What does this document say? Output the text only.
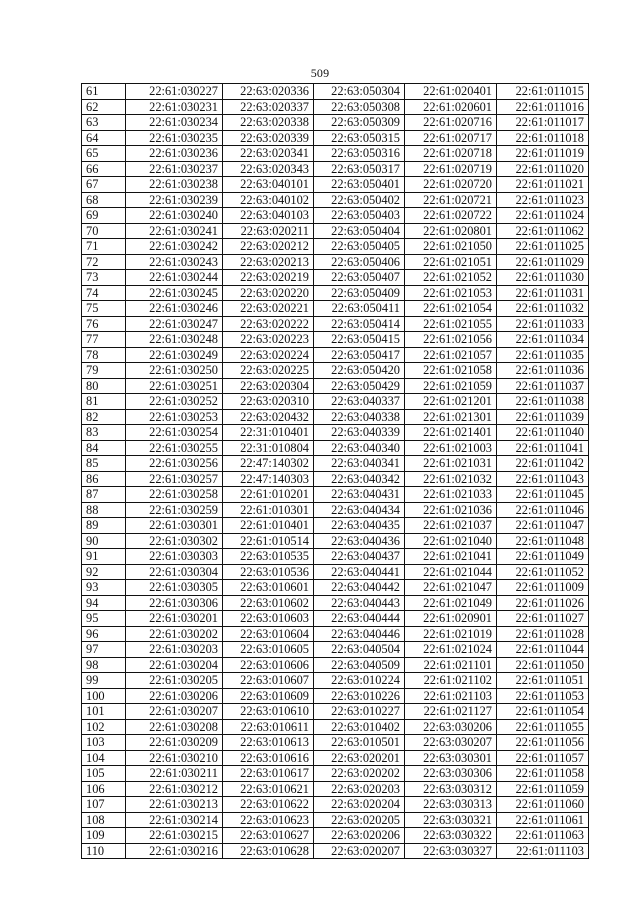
509
61	22:61:030227	22:63:020336	22:63:050304	22:61:020401	22:61:011015
62	22:61:030231	22:63:020337	22:63:050308	22:61:020601	22:61:011016
63	22:61:030234	22:63:020338	22:63:050309	22:61:020716	22:61:011017
64	22:61:030235	22:63:020339	22:63:050315	22:61:020717	22:61:011018
65	22:61:030236	22:63:020341	22:63:050316	22:61:020718	22:61:011019
66	22:61:030237	22:63:020343	22:63:050317	22:61:020719	22:61:011020
67	22:61:030238	22:63:040101	22:63:050401	22:61:020720	22:61:011021
68	22:61:030239	22:63:040102	22:63:050402	22:61:020721	22:61:011023
69	22:61:030240	22:63:040103	22:63:050403	22:61:020722	22:61:011024
70	22:61:030241	22:63:020211	22:63:050404	22:61:020801	22:61:011062
71	22:61:030242	22:63:020212	22:63:050405	22:61:021050	22:61:011025
72	22:61:030243	22:63:020213	22:63:050406	22:61:021051	22:61:011029
73	22:61:030244	22:63:020219	22:63:050407	22:61:021052	22:61:011030
74	22:61:030245	22:63:020220	22:63:050409	22:61:021053	22:61:011031
75	22:61:030246	22:63:020221	22:63:050411	22:61:021054	22:61:011032
76	22:61:030247	22:63:020222	22:63:050414	22:61:021055	22:61:011033
77	22:61:030248	22:63:020223	22:63:050415	22:61:021056	22:61:011034
78	22:61:030249	22:63:020224	22:63:050417	22:61:021057	22:61:011035
79	22:61:030250	22:63:020225	22:63:050420	22:61:021058	22:61:011036
80	22:61:030251	22:63:020304	22:63:050429	22:61:021059	22:61:011037
81	22:61:030252	22:63:020310	22:63:040337	22:61:021201	22:61:011038
82	22:61:030253	22:63:020432	22:63:040338	22:61:021301	22:61:011039
83	22:61:030254	22:31:010401	22:63:040339	22:61:021401	22:61:011040
84	22:61:030255	22:31:010804	22:63:040340	22:61:021003	22:61:011041
85	22:61:030256	22:47:140302	22:63:040341	22:61:021031	22:61:011042
86	22:61:030257	22:47:140303	22:63:040342	22:61:021032	22:61:011043
87	22:61:030258	22:61:010201	22:63:040431	22:61:021033	22:61:011045
88	22:61:030259	22:61:010301	22:63:040434	22:61:021036	22:61:011046
89	22:61:030301	22:61:010401	22:63:040435	22:61:021037	22:61:011047
90	22:61:030302	22:61:010514	22:63:040436	22:61:021040	22:61:011048
91	22:61:030303	22:63:010535	22:63:040437	22:61:021041	22:61:011049
92	22:61:030304	22:63:010536	22:63:040441	22:61:021044	22:61:011052
93	22:61:030305	22:63:010601	22:63:040442	22:61:021047	22:61:011009
94	22:61:030306	22:63:010602	22:63:040443	22:61:021049	22:61:011026
95	22:61:030201	22:63:010603	22:63:040444	22:61:020901	22:61:011027
96	22:61:030202	22:63:010604	22:63:040446	22:61:021019	22:61:011028
97	22:61:030203	22:63:010605	22:63:040504	22:61:021024	22:61:011044
98	22:61:030204	22:63:010606	22:63:040509	22:61:021101	22:61:011050
99	22:61:030205	22:63:010607	22:63:010224	22:61:021102	22:61:011051
100	22:61:030206	22:63:010609	22:63:010226	22:61:021103	22:61:011053
101	22:61:030207	22:63:010610	22:63:010227	22:61:021127	22:61:011054
102	22:61:030208	22:63:010611	22:63:010402	22:63:030206	22:61:011055
103	22:61:030209	22:63:010613	22:63:010501	22:63:030207	22:61:011056
104	22:61:030210	22:63:010616	22:63:020201	22:63:030301	22:61:011057
105	22:61:030211	22:63:010617	22:63:020202	22:63:030306	22:61:011058
106	22:61:030212	22:63:010621	22:63:020203	22:63:030312	22:61:011059
107	22:61:030213	22:63:010622	22:63:020204	22:63:030313	22:61:011060
108	22:61:030214	22:63:010623	22:63:020205	22:63:030321	22:61:011061
109	22:61:030215	22:63:010627	22:63:020206	22:63:030322	22:61:011063
110	22:61:030216	22:63:010628	22:63:020207	22:63:030327	22:61:011103
